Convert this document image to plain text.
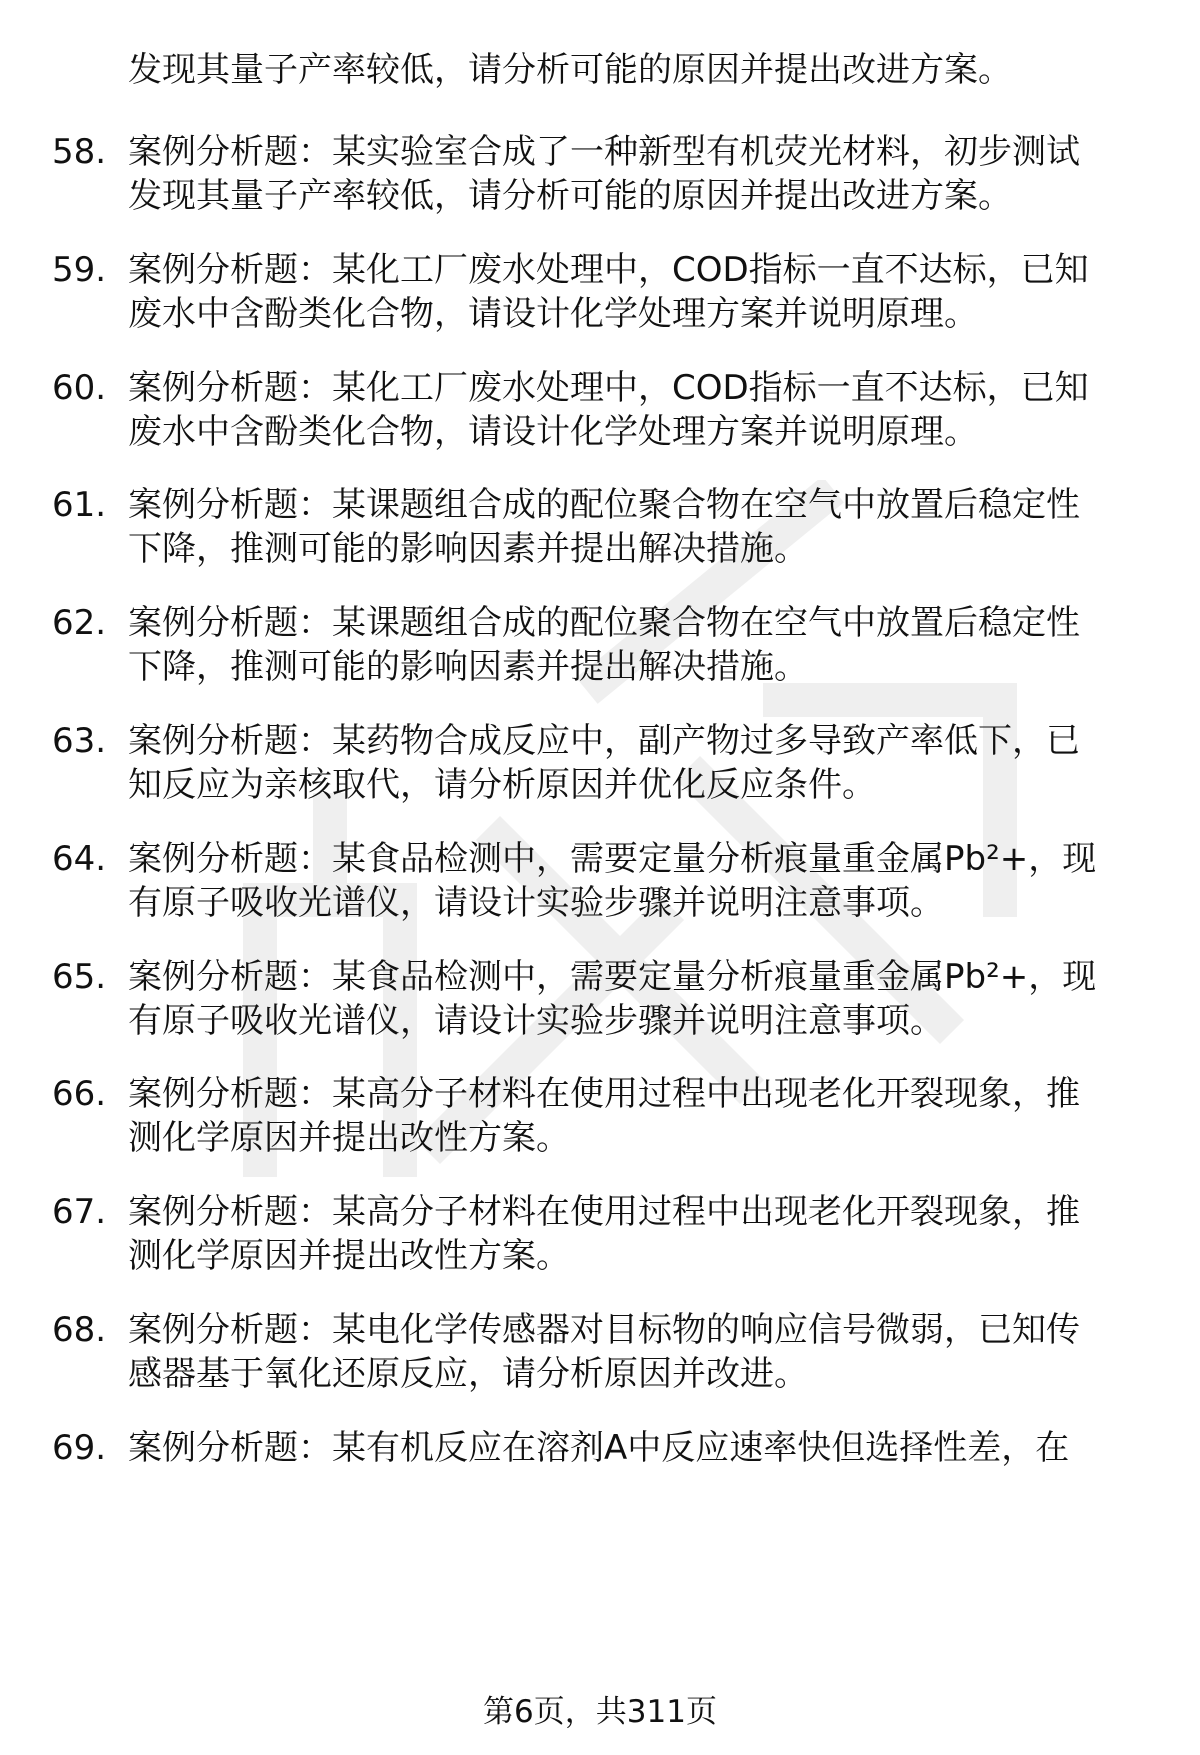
发现其量子产率较低，请分析可能的原因并提出改进方案。
58. 案例分析题：某实验室合成了一种新型有机荧光材料，初步测试
发现其量子产率较低，请分析可能的原因并提出改进方案。
59. 案例分析题：某化工厂废水处理中，COD指标一直不达标，已知
废水中含酚类化合物，请设计化学处理方案并说明原理。
60. 案例分析题：某化工厂废水处理中，COD指标一直不达标，已知
废水中含酚类化合物，请设计化学处理方案并说明原理。
61. 案例分析题：某课题组合成的配位聚合物在空气中放置后稳定性
下降，推测可能的影响因素并提出解决措施。
62. 案例分析题：某课题组合成的配位聚合物在空气中放置后稳定性
下降，推测可能的影响因素并提出解决措施。
63. 案例分析题：某药物合成反应中，副产物过多导致产率低下，已
知反应为亲核取代，请分析原因并优化反应条件。
64. 案例分析题：某食品检测中，需要定量分析痕量重金属Pb²+，现
有原子吸收光谱仪，请设计实验步骤并说明注意事项。
65. 案例分析题：某食品检测中，需要定量分析痕量重金属Pb²+，现
有原子吸收光谱仪，请设计实验步骤并说明注意事项。
66. 案例分析题：某高分子材料在使用过程中出现老化开裂现象，推
测化学原因并提出改性方案。
67. 案例分析题：某高分子材料在使用过程中出现老化开裂现象，推
测化学原因并提出改性方案。
68. 案例分析题：某电化学传感器对目标物的响应信号微弱，已知传
感器基于氧化还原反应，请分析原因并改进。
69. 案例分析题：某有机反应在溶剂A中反应速率快但选择性差，在
第6页，共311页
